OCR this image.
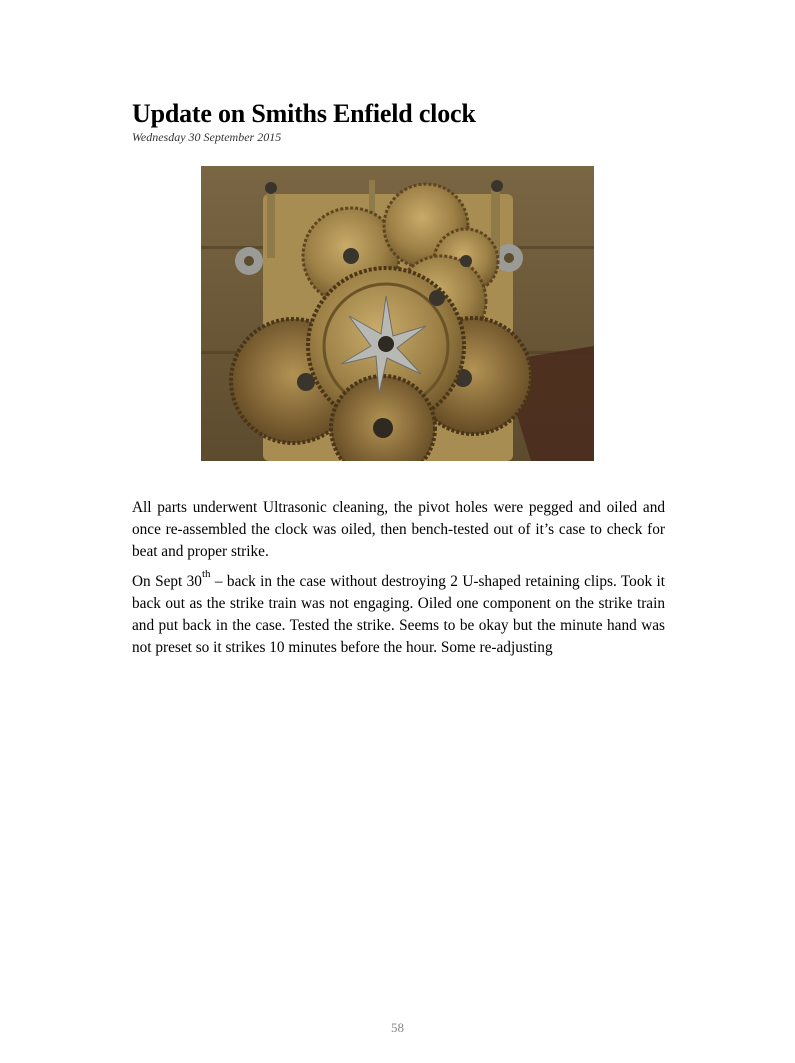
Update on Smiths Enfield clock
Wednesday 30 September 2015

All parts underwent Ultrasonic cleaning, the pivot holes were pegged and oiled and once re-assembled the clock was oiled, then bench-tested out of it’s case to check for beat and proper strike.

On Sept 30th – back in the case without destroying 2 U-shaped retaining clips. Took it back out as the strike train was not engaging. Oiled one component on the strike train and put back in the case. Tested the strike. Seems to be okay but the minute hand was not preset so it strikes 10 minutes before the hour. Some re-adjusting

58
